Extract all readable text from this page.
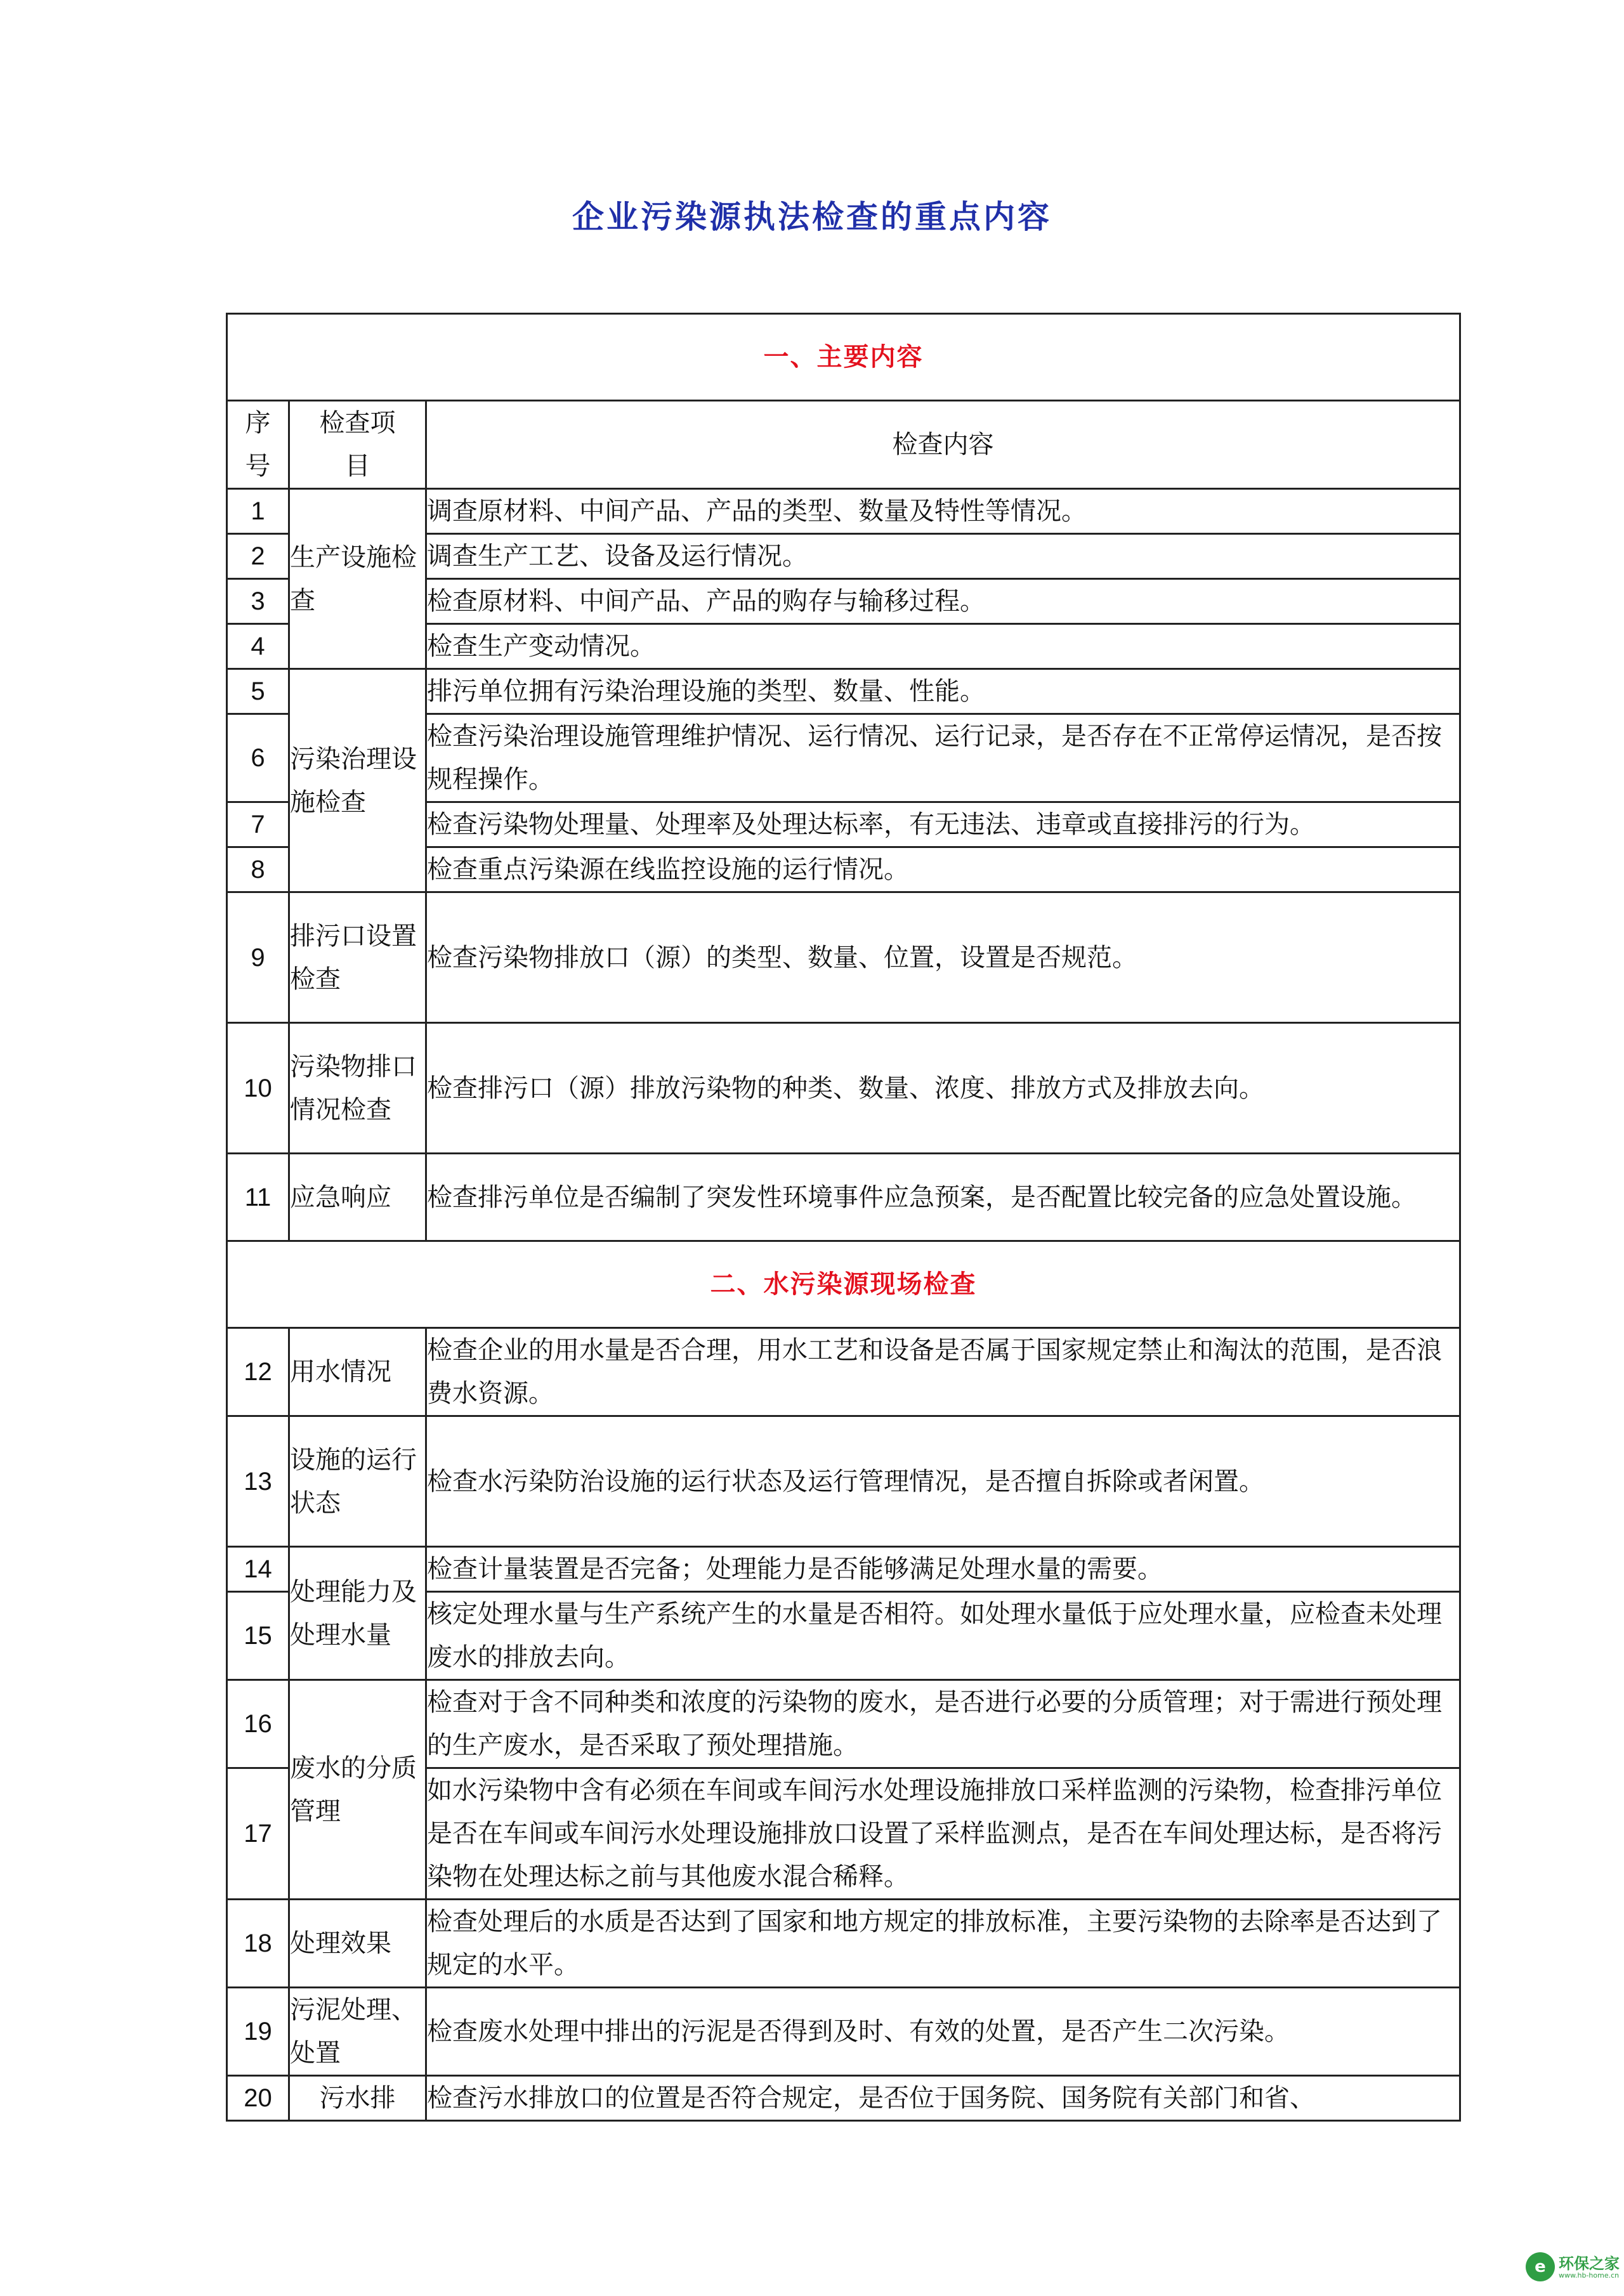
企业污染源执法检查的重点内容
一、主要内容		
序号	检查项目	检查内容
1	生产设施检查	调查原材料、中间产品、产品的类型、数量及特性等情况。
2		调查生产工艺、设备及运行情况。
3		检查原材料、中间产品、产品的购存与输移过程。
4		检查生产变动情况。
5	污染治理设施检查	排污单位拥有污染治理设施的类型、数量、性能。
6		检查污染治理设施管理维护情况、运行情况、运行记录，是否存在不正常停运情况，是否按规程操作。
7		检查污染物处理量、处理率及处理达标率，有无违法、违章或直接排污的行为。
8		检查重点污染源在线监控设施的运行情况。
9	排污口设置检查	检查污染物排放口（源）的类型、数量、位置，设置是否规范。
10	污染物排口情况检查	检查排污口（源）排放污染物的种类、数量、浓度、排放方式及排放去向。
11	应急响应	检查排污单位是否编制了突发性环境事件应急预案，是否配置比较完备的应急处置设施。
二、水污染源现场检查		
12	用水情况	检查企业的用水量是否合理，用水工艺和设备是否属于国家规定禁止和淘汰的范围，是否浪费水资源。
13	设施的运行状态	检查水污染防治设施的运行状态及运行管理情况，是否擅自拆除或者闲置。
14	处理能力及处理水量	检查计量装置是否完备；处理能力是否能够满足处理水量的需要。
15		核定处理水量与生产系统产生的水量是否相符。如处理水量低于应处理水量，应检查未处理废水的排放去向。
16	废水的分质管理	检查对于含不同种类和浓度的污染物的废水，是否进行必要的分质管理；对于需进行预处理的生产废水，是否采取了预处理措施。
17		如水污染物中含有必须在车间或车间污水处理设施排放口采样监测的污染物，检查排污单位是否在车间或车间污水处理设施排放口设置了采样监测点，是否在车间处理达标，是否将污染物在处理达标之前与其他废水混合稀释。
18	处理效果	检查处理后的水质是否达到了国家和地方规定的排放标准，主要污染物的去除率是否达到了规定的水平。
19	污泥处理、处置	检查废水处理中排出的污泥是否得到及时、有效的处置，是否产生二次污染。
20	污水排	检查污水排放口的位置是否符合规定，是否位于国务院、国务院有关部门和省、
e 环保之家
www.hb-home.cn
